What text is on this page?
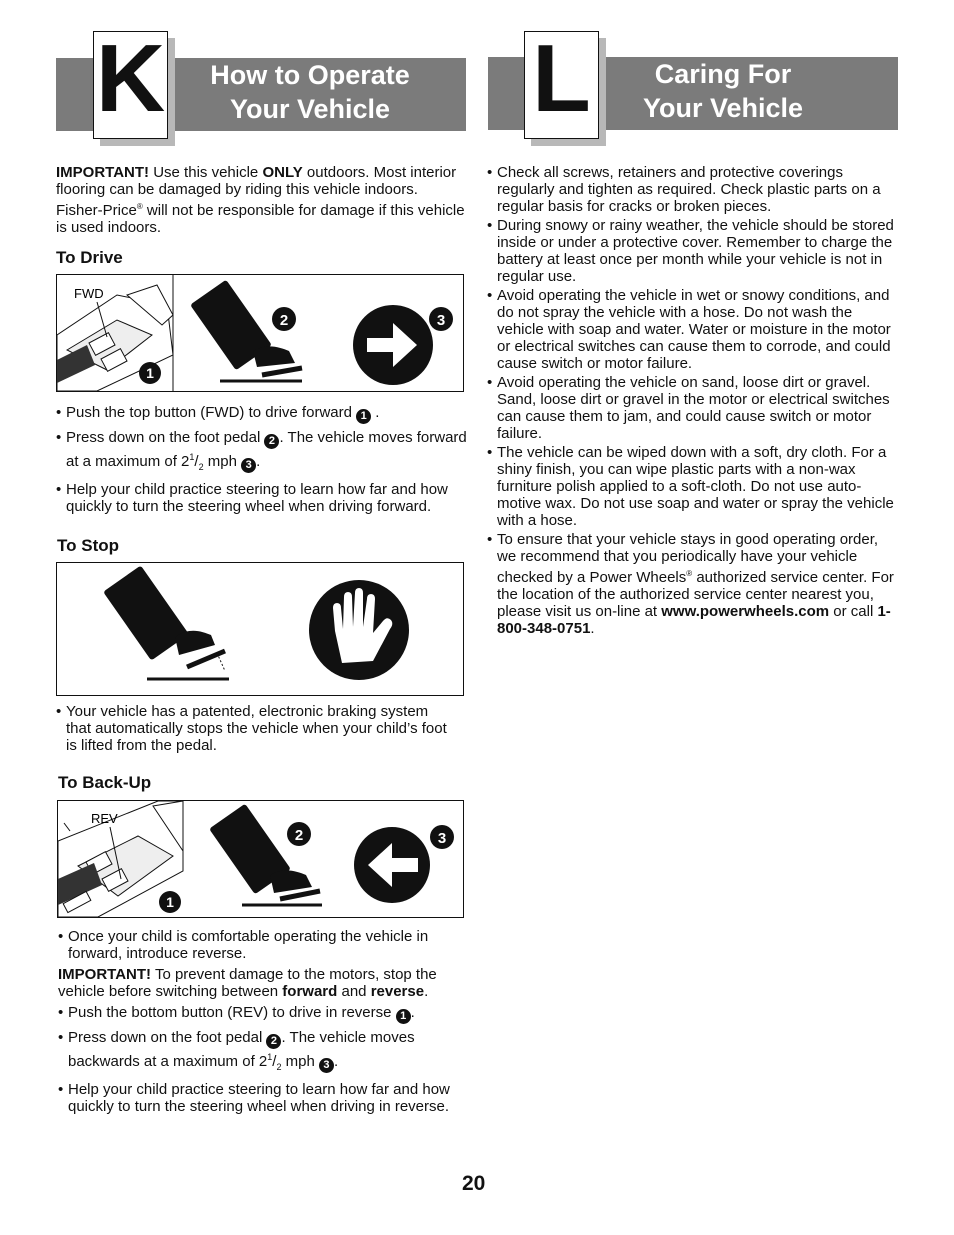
K	How to Operate
Your Vehicle	L	Caring For
Your Vehicle
IMPORTANT! Use this vehicle ONLY outdoors. Most interior flooring can be damaged by riding this vehicle indoors. Fisher-Price® will not be responsible for damage if this vehicle is used indoors.
To Drive
FWD
1
2	3
• Push the top button (FWD) to drive forward 1 .
• Press down on the foot pedal 2 . The vehicle moves forward at a maximum of $2^1/_2$ mph 3 .
• Help your child practice steering to learn how far and how quickly to turn the steering wheel when driving forward.
To Stop
• Your vehicle has a patented, electronic braking system that automatically stops the vehicle when your child’s foot is lifted from the pedal.
To Back-Up
REV
1
2	3
• Once your child is comfortable operating the vehicle in forward, introduce reverse.
IMPORTANT! To prevent damage to the motors, stop the vehicle before switching between forward and reverse.
• Push the bottom button (REV) to drive in reverse 1 .
• Press down on the foot pedal 2 . The vehicle moves backwards at a maximum of $2^1/_2$ mph 3 .
• Help your child practice steering to learn how far and how quickly to turn the steering wheel when driving in reverse.
• Check all screws, retainers and protective coverings regularly and tighten as required. Check plastic parts on a regular basis for cracks or broken pieces.
• During snowy or rainy weather, the vehicle should be stored inside or under a protective cover. Remember to charge the battery at least once per month while your vehicle is not in regular use.
• Avoid operating the vehicle in wet or snowy conditions, and do not spray the vehicle with a hose. Do not wash the vehicle with soap and water. Water or moisture in the motor or electrical switches can cause them to corrode, and could cause switch or motor failure.
• Avoid operating the vehicle on sand, loose dirt or gravel. Sand, loose dirt or gravel in the motor or electrical switches can cause them to jam, and could cause switch or motor failure.
• The vehicle can be wiped down with a soft, dry cloth. For a shiny finish, you can wipe plastic parts with a non-wax furniture polish applied to a soft-cloth. Do not use auto-motive wax. Do not use soap and water or spray the vehicle with a hose.
• To ensure that your vehicle stays in good operating order, we recommend that you periodically have your vehicle checked by a Power Wheels® authorized service center. For the location of the authorized service center nearest you, please visit us on-line at www.powerwheels.com or call 1-800-348-0751.
20
